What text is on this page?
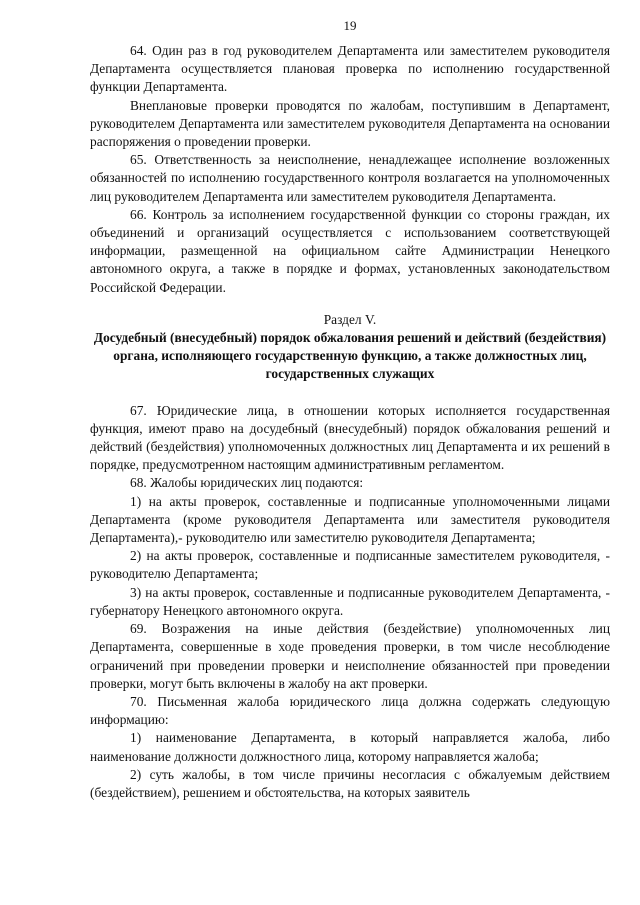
19

64. Один раз в год руководителем Департамента или заместителем руководителя Департамента осуществляется плановая проверка по исполнению государственной функции Департамента.

Внеплановые проверки проводятся по жалобам, поступившим в Департамент, руководителем Департамента или заместителем руководителя Департамента на основании распоряжения о проведении проверки.

65. Ответственность за неисполнение, ненадлежащее исполнение возложенных обязанностей по исполнению государственного контроля возлагается на уполномоченных лиц руководителем Департамента или заместителем руководителя Департамента.

66. Контроль за исполнением государственной функции со стороны граждан, их объединений и организаций осуществляется с использованием соответствующей информации, размещенной на официальном сайте Администрации Ненецкого автономного округа, а также в порядке и формах, установленных законодательством Российской Федерации.

Раздел V.
Досудебный (внесудебный) порядок обжалования решений и действий (бездействия) органа, исполняющего государственную функцию, а также должностных лиц, государственных служащих

67. Юридические лица, в отношении которых исполняется государственная функция, имеют право на досудебный (внесудебный) порядок обжалования решений и действий (бездействия) уполномоченных должностных лиц Департамента и их решений в порядке, предусмотренном настоящим административным регламентом.

68. Жалобы юридических лиц подаются:

1) на акты проверок, составленные и подписанные уполномоченными лицами Департамента (кроме руководителя Департамента или заместителя руководителя Департамента),- руководителю или заместителю руководителя Департамента;

2) на акты проверок, составленные и подписанные заместителем руководителя, - руководителю Департамента;

3) на акты проверок, составленные и подписанные руководителем Департамента, - губернатору Ненецкого автономного округа.

69. Возражения на иные действия (бездействие) уполномоченных лиц Департамента, совершенные в ходе проведения проверки, в том числе несоблюдение ограничений при проведении проверки и неисполнение обязанностей при проведении проверки, могут быть включены в жалобу на акт проверки.

70. Письменная жалоба юридического лица должна содержать следующую информацию:

1) наименование Департамента, в который направляется жалоба, либо наименование должности должностного лица, которому направляется жалоба;

2) суть жалобы, в том числе причины несогласия с обжалуемым действием (бездействием), решением и обстоятельства, на которых заявитель
